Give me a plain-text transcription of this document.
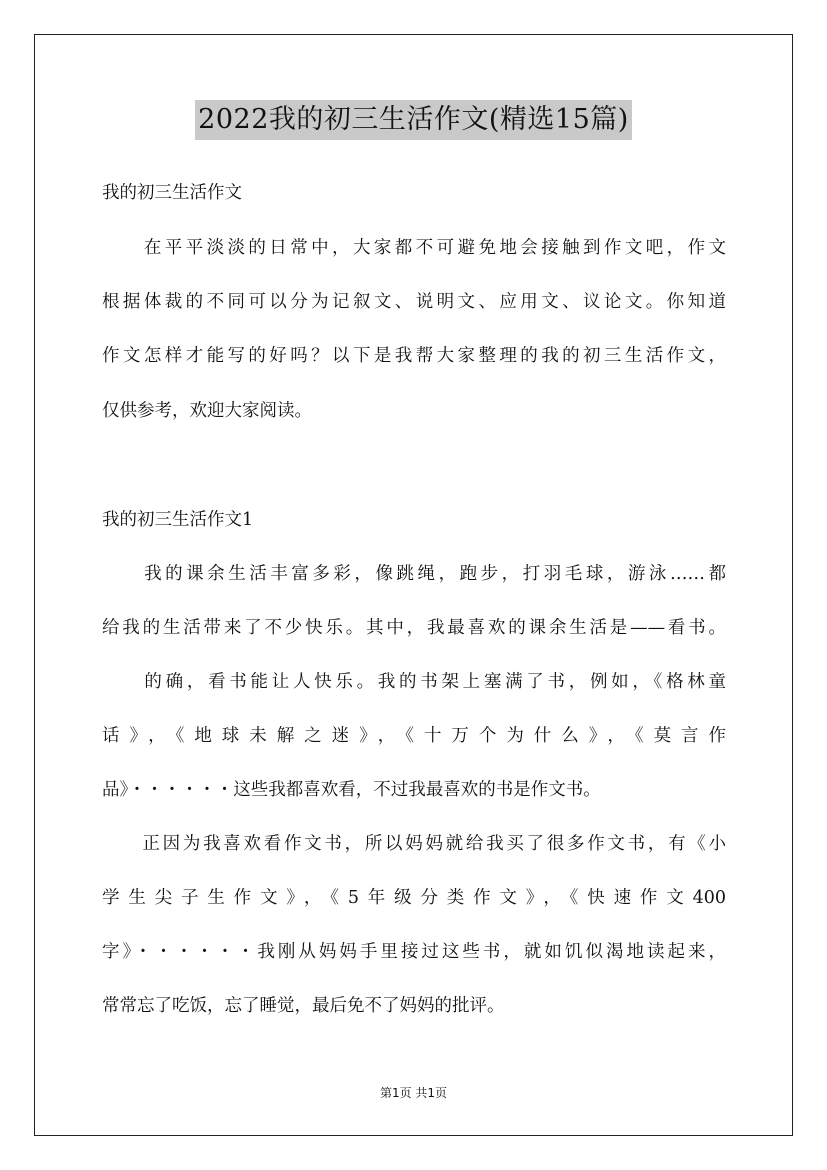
2022我的初三生活作文(精选15篇)
我的初三生活作文
　　在平平淡淡的日常中，大家都不可避免地会接触到作文吧，作文
根据体裁的不同可以分为记叙文、说明文、应用文、议论文。你知道
作文怎样才能写的好吗？以下是我帮大家整理的我的初三生活作文，
仅供参考，欢迎大家阅读。
我的初三生活作文1
　　我的课余生活丰富多彩，像跳绳，跑步，打羽毛球，游泳……都
给我的生活带来了不少快乐。其中，我最喜欢的课余生活是——看书。
　　的确，看书能让人快乐。我的书架上塞满了书，例如，《格林童
话》，《地球未解之迷》，《十万个为什么》，《莫言作
品》・・・・・・这些我都喜欢看，不过我最喜欢的书是作文书。
　　正因为我喜欢看作文书，所以妈妈就给我买了很多作文书，有《小
学生尖子生作文》，《5年级分类作文》，《快速作文400
字》・・・・・・我刚从妈妈手里接过这些书，就如饥似渴地读起来，
常常忘了吃饭，忘了睡觉，最后免不了妈妈的批评。
第1页 共1页
